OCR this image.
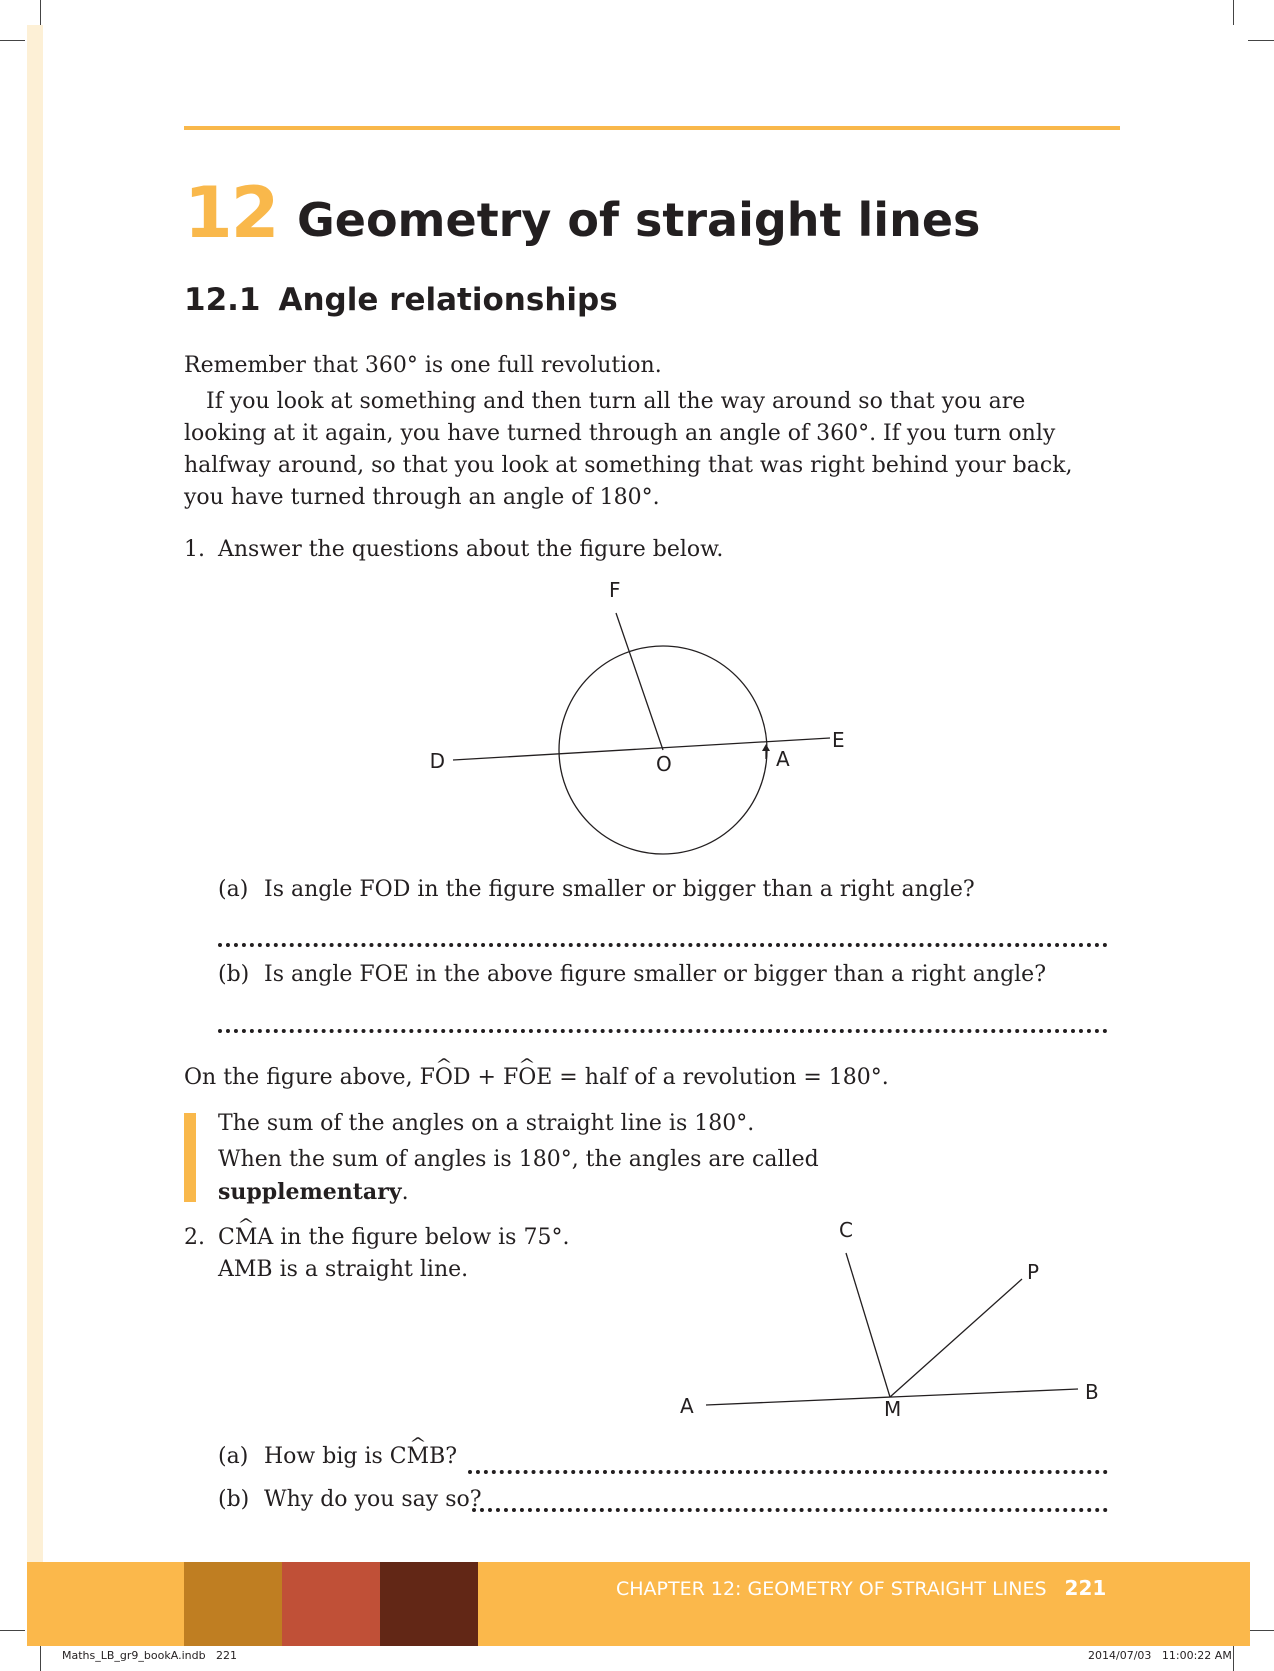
12 Geometry of straight lines
12.1 Angle relationships
Remember that 360° is one full revolution.
If you look at something and then turn all the way around so that you are looking at it again, you have turned through an angle of 360°. If you turn only halfway around, so that you look at something that was right behind your back, you have turned through an angle of 180°.
1. Answer the questions about the figure below.
F
D	O	A
E
(a) Is angle FOD in the figure smaller or bigger than a right angle?
(b) Is angle FOE in the above figure smaller or bigger than a right angle?
On the figure above, F^ OD + F^ OE = half of a revolution = 180°.
The sum of the angles on a straight line is 180°.
When the sum of angles is 180°, the angles are called
supplementary.
2. C^ MA in the figure below is 75°.
AMB is a straight line.
C
P
A	M
B
(a) How big is C^ MB?
(b) Why do you say so?
CHAPTER 12: GEOMETRY OF STRAIGHT LINES 221
Maths_LB_gr9_bookA.indb   221	2014/07/03   11:00:22 AM
